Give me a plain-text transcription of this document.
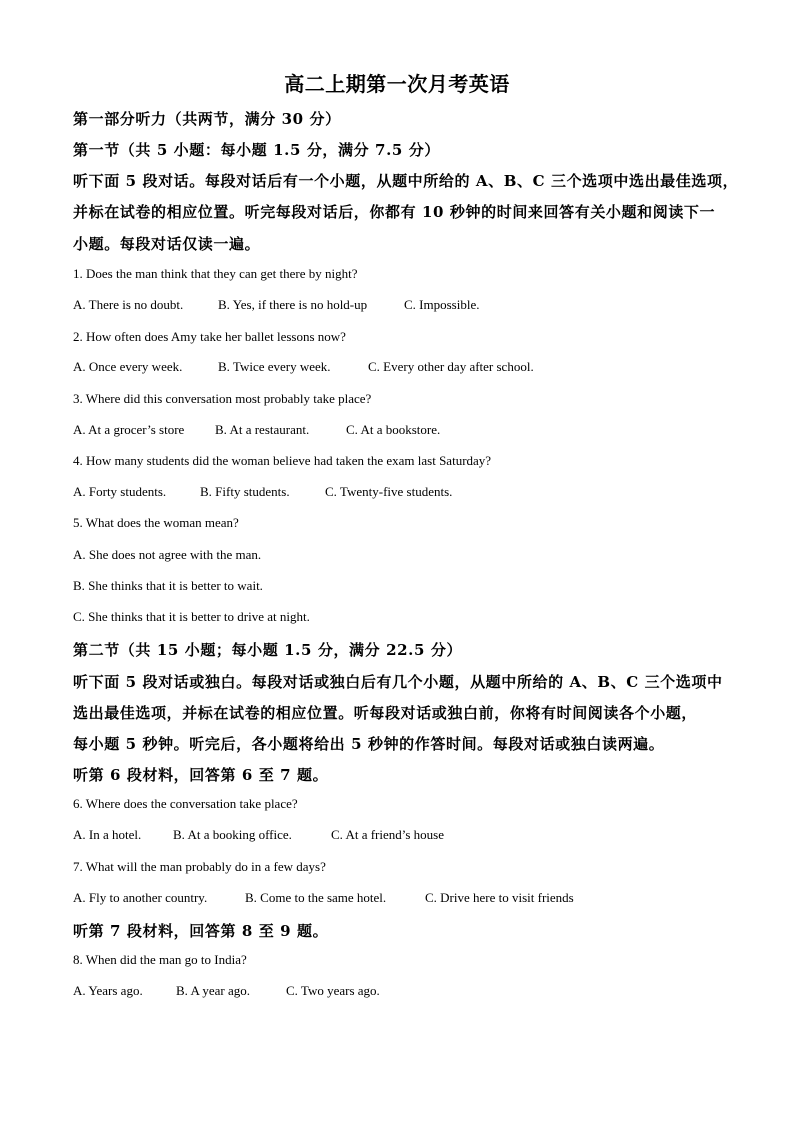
高二上期第一次月考英语
第一部分听力（共两节，满分 30 分）
第一节（共 5 小题：每小题 1.5 分，满分 7.5 分）
听下面 5 段对话。每段对话后有一个小题，从题中所给的 A、B、C 三个选项中选出最佳选项，
并标在试卷的相应位置。听完每段对话后，你都有 10 秒钟的时间来回答有关小题和阅读下一
小题。每段对话仅读一遍。
1. Does the man think that they can get there by night?
A. There is no doubt.	B. Yes, if there is no hold-up	C. Impossible.
2. How often does Amy take her ballet lessons now?
A. Once every week.	B. Twice every week.	C. Every other day after school.
3. Where did this conversation most probably take place?
A. At a grocer’s store B. At a restaurant.	C. At a bookstore.
4. How many students did the woman believe had taken the exam last Saturday?
A. Forty students.	B. Fifty students.	C. Twenty-five students.
5. What does the woman mean?
A. She does not agree with the man.
B. She thinks that it is better to wait.
C. She thinks that it is better to drive at night.
第二节（共 15 小题；每小题 1.5 分，满分 22.5 分）
听下面 5 段对话或独白。每段对话或独白后有几个小题，从题中所给的 A、B、C 三个选项中
选出最佳选项，并标在试卷的相应位置。听每段对话或独白前，你将有时间阅读各个小题，
每小题 5 秒钟。听完后，各小题将给出 5 秒钟的作答时间。每段对话或独白读两遍。
听第 6 段材料，回答第 6 至 7 题。
6. Where does the conversation take place?
A. In a hotel. B. At a booking office.	C. At a friend’s house
7. What will the man probably do in a few days?
A. Fly to another country.	B. Come to the same hotel.	C. Drive here to visit friends
听第 7 段材料，回答第 8 至 9 题。
8. When did the man go to India?
A. Years ago.	B. A year ago.	C. Two years ago.
